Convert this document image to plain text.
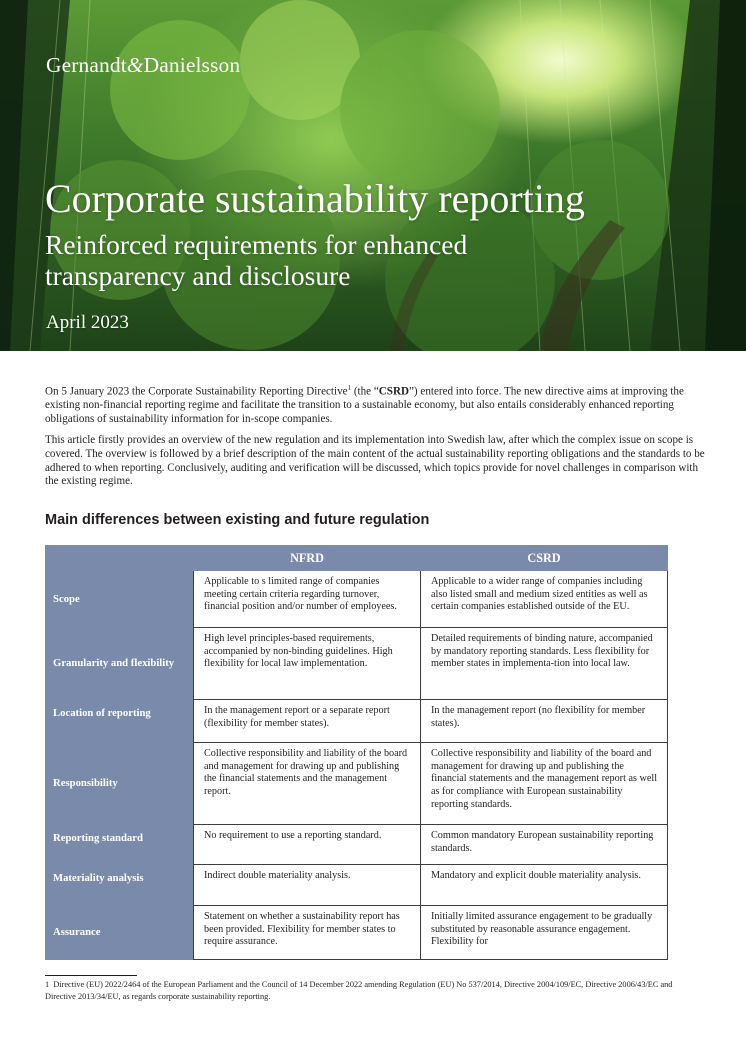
Gernandt&Danielsson
Corporate sustainability reporting
Reinforced requirements for enhanced transparency and disclosure
April 2023

On 5 January 2023 the Corporate Sustainability Reporting Directive$^1$ (the “CSRD”) entered into force. The new directive aims at improving the existing non-financial reporting regime and facilitate the transition to a sustainable economy, but also entails considerably enhanced reporting obligations of sustainability information for in-scope companies.

This article firstly provides an overview of the new regulation and its implementation into Swedish law, after which the complex issue on scope is covered. The overview is followed by a brief description of the main content of the actual sustainability reporting obligations and the standards to be adhered to when reporting. Conclusively, auditing and verification will be discussed, which topics provide for novel challenges in comparison with the existing regime.

Main differences between existing and future regulation
	NFRD	CSRD
Scope	Applicable to s limited range of companies meeting certain criteria regarding turnover, financial position and/or number of employees.	Applicable to a wider range of companies including also listed small and medium sized entities as well as certain companies established outside of the EU.
Granularity and flexibility	High level principles-based requirements, accompanied by non-binding guidelines. High flexibility for local law implementation.	Detailed requirements of binding nature, accompanied by mandatory reporting standards. Less flexibility for member states in implementa-tion into local law.
Location of reporting	In the management report or a separate report (flexibility for member states).	In the management report (no flexibility for member states).
Responsibility	Collective responsibility and liability of the board and management for drawing up and publishing the financial statements and the management report.	Collective responsibility and liability of the board and management for drawing up and publishing the financial statements and the management report as well as for compliance with European sustainability reporting standards.
Reporting standard	No requirement to use a reporting standard.	Common mandatory European sustainability reporting standards.
Materiality analysis	Indirect double materiality analysis.	Mandatory and explicit double materiality analysis.
Assurance	Statement on whether a sustainability report has been provided. Flexibility for member states to require assurance.	Initially limited assurance engagement to be gradually substituted by reasonable assurance engagement. Flexibility for
1 Directive (EU) 2022/2464 of the European Parliament and the Council of 14 December 2022 amending Regulation (EU) No 537/2014, Directive 2004/109/EC, Directive 2006/43/EC and Directive 2013/34/EU, as regards corporate sustainability reporting.
